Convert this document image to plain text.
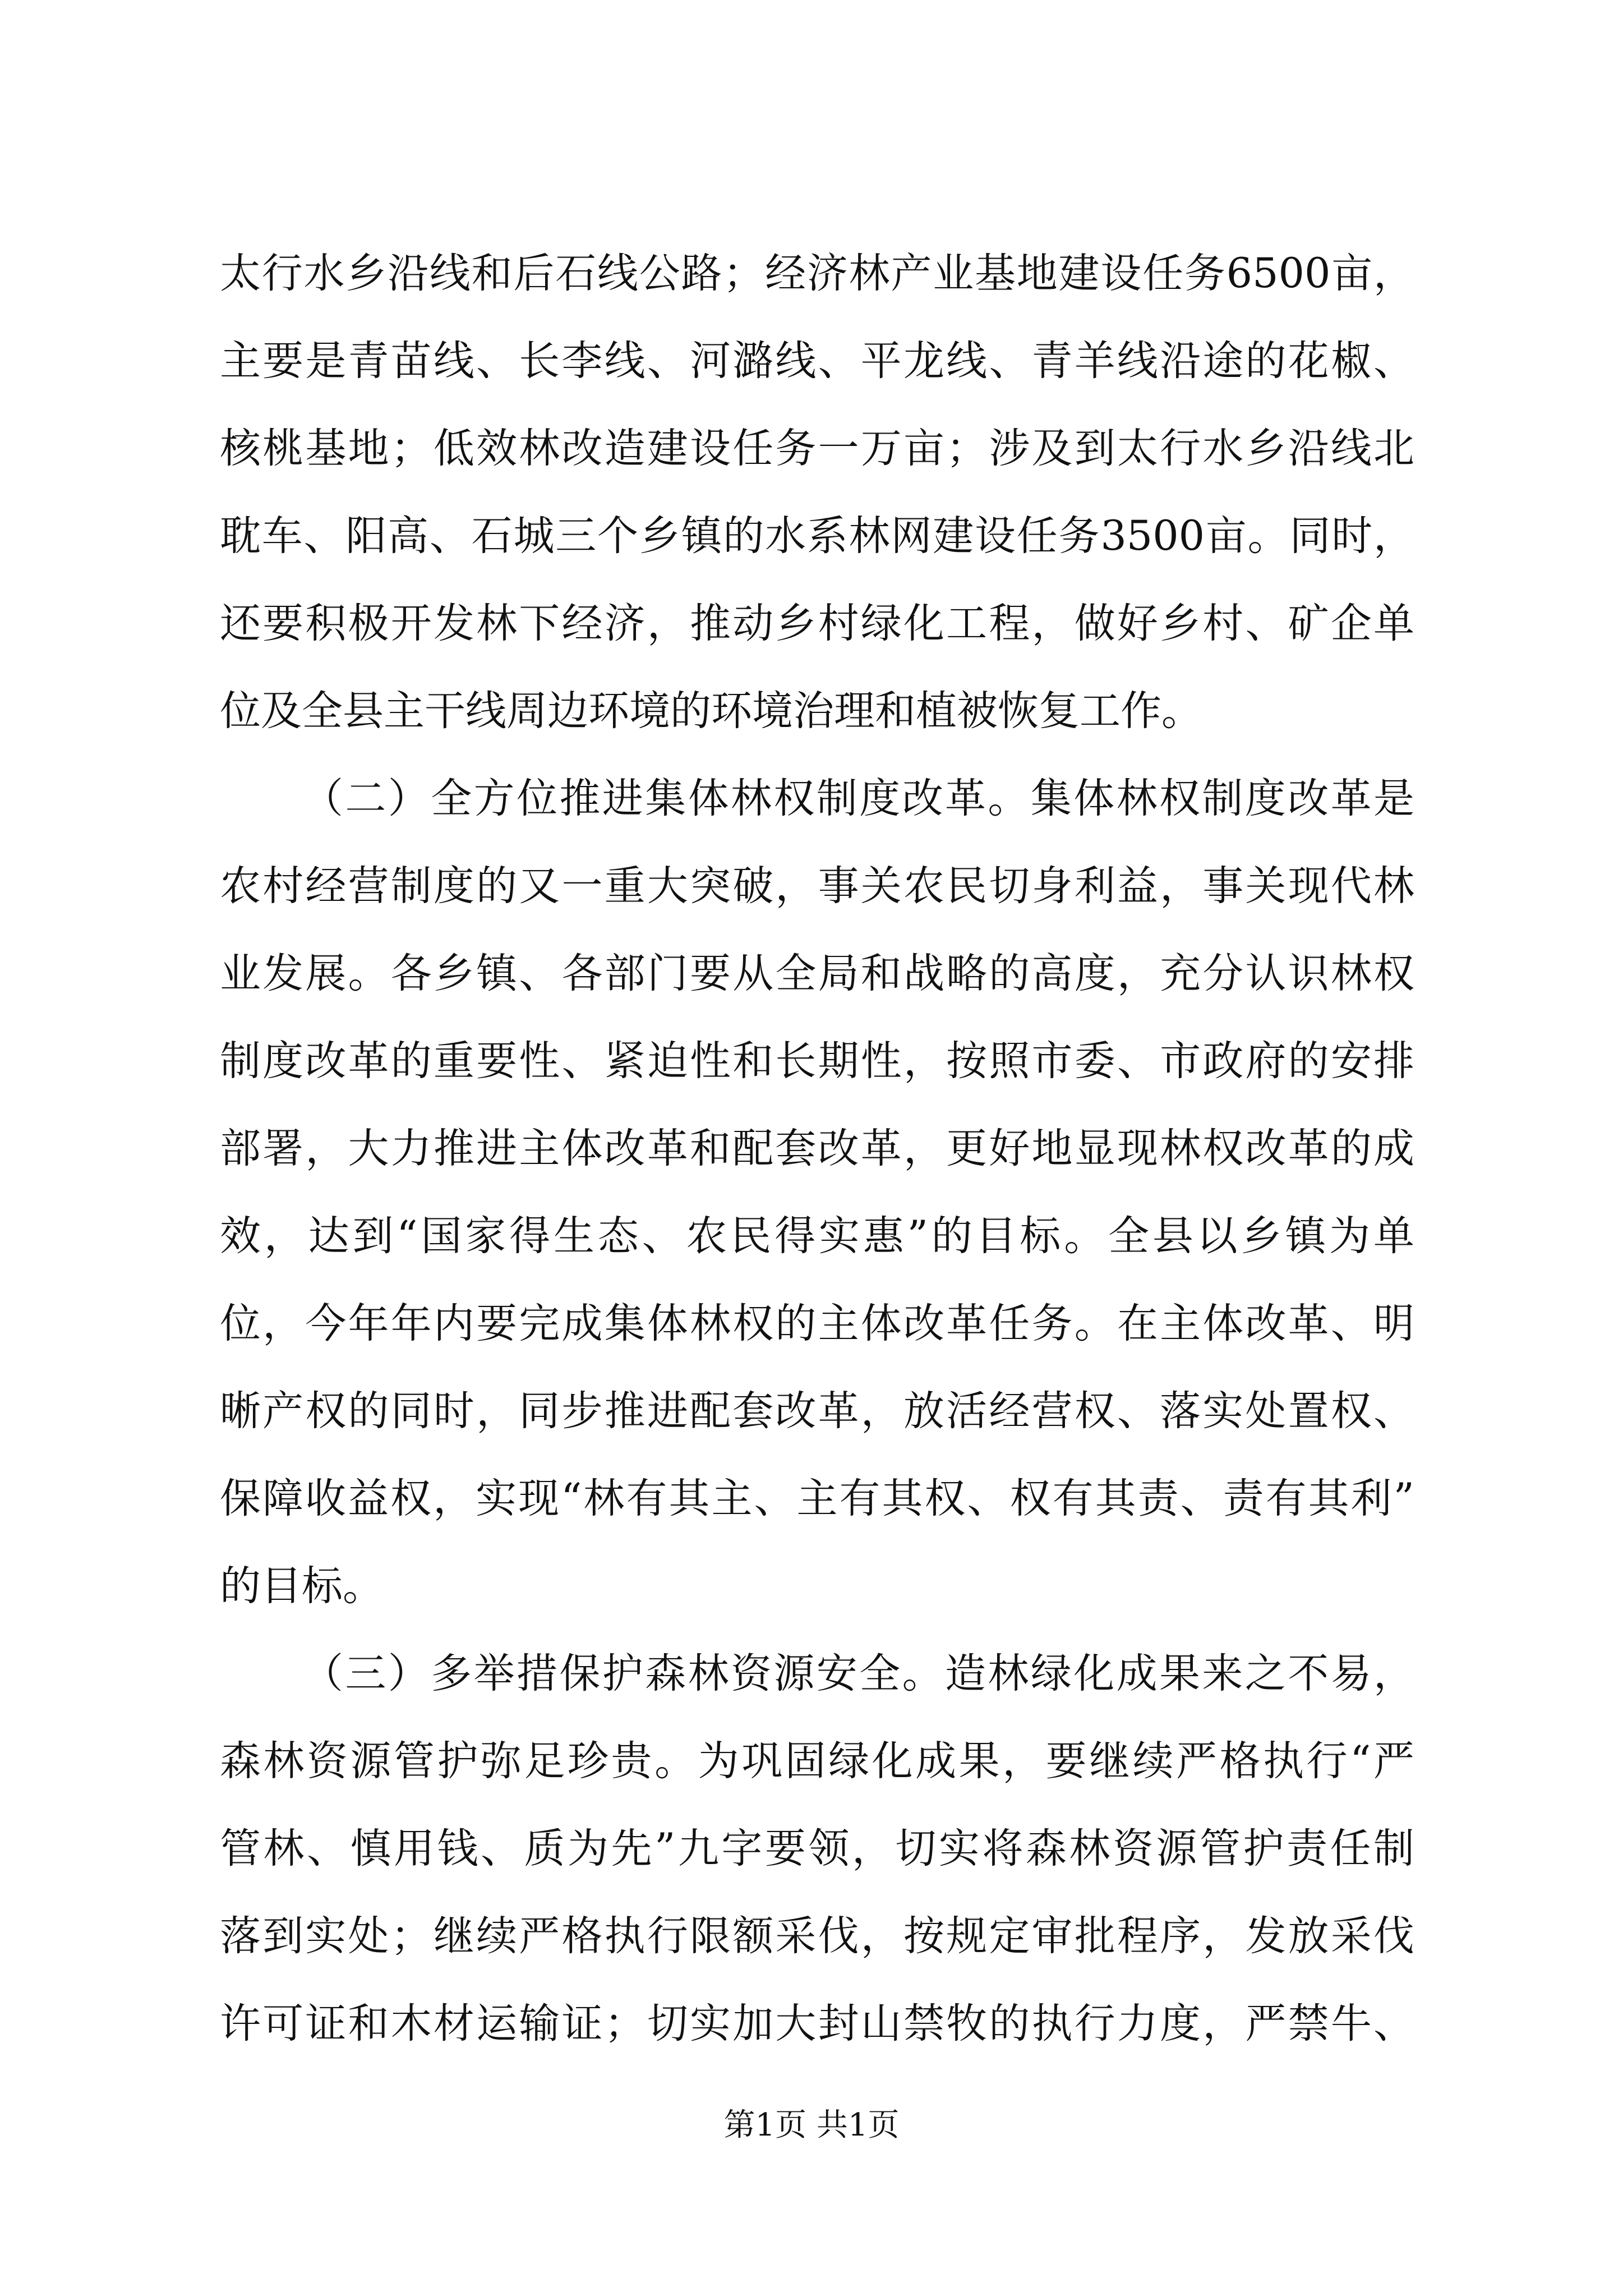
太行水乡沿线和后石线公路；经济林产业基地建设任务6500亩，
主要是青苗线、长李线、河潞线、平龙线、青羊线沿途的花椒、
核桃基地；低效林改造建设任务一万亩；涉及到太行水乡沿线北
耽车、阳高、石城三个乡镇的水系林网建设任务3500亩。同时，
还要积极开发林下经济，推动乡村绿化工程，做好乡村、矿企单
位及全县主干线周边环境的环境治理和植被恢复工作。
（二）全方位推进集体林权制度改革。集体林权制度改革是
农村经营制度的又一重大突破，事关农民切身利益，事关现代林
业发展。各乡镇、各部门要从全局和战略的高度，充分认识林权
制度改革的重要性、紧迫性和长期性，按照市委、市政府的安排
部署，大力推进主体改革和配套改革，更好地显现林权改革的成
效，达到“国家得生态、农民得实惠”的目标。全县以乡镇为单
位，今年年内要完成集体林权的主体改革任务。在主体改革、明
晰产权的同时，同步推进配套改革，放活经营权、落实处置权、
保障收益权，实现“林有其主、主有其权、权有其责、责有其利”
的目标。
（三）多举措保护森林资源安全。造林绿化成果来之不易，
森林资源管护弥足珍贵。为巩固绿化成果，要继续严格执行“严
管林、慎用钱、质为先”九字要领，切实将森林资源管护责任制
落到实处；继续严格执行限额采伐，按规定审批程序，发放采伐
许可证和木材运输证；切实加大封山禁牧的执行力度，严禁牛、
第1页 共1页
